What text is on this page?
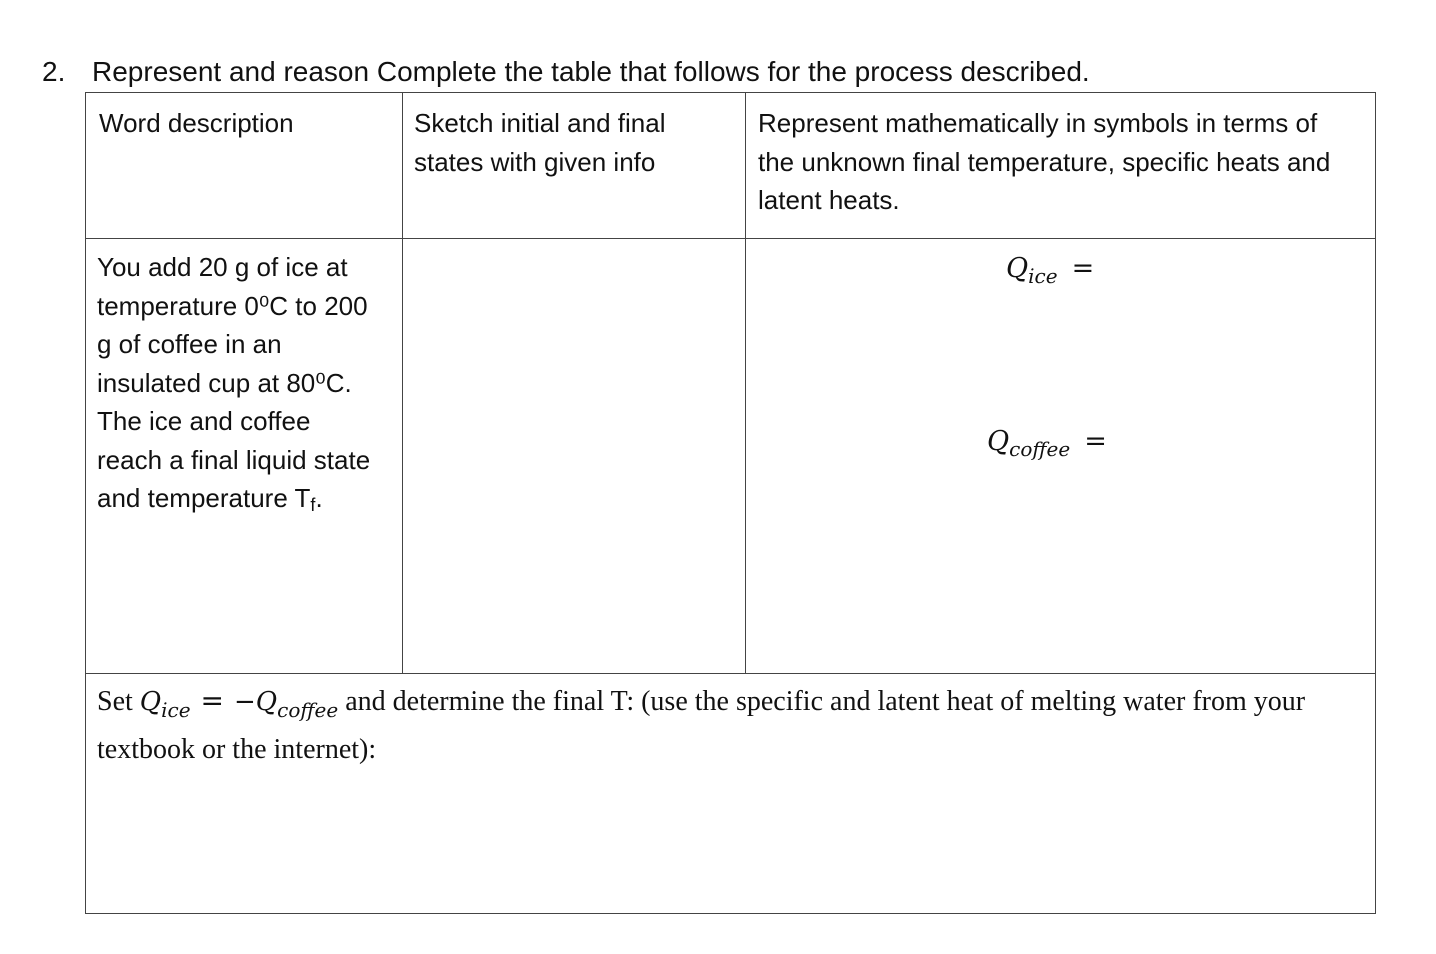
2. Represent and reason Complete the table that follows for the process described.
Word description	Sketch initial and final states with given info
Represent mathematically in symbols in terms of the unknown final temperature, specific heats and latent heats.
You add 20 g of ice at temperature 0⁰C to 200 g of coffee in an insulated cup at 80⁰C. The ice and coffee reach a final liquid state and temperature Tf.
$Q_{ice}$ =
$Q_{coffee}$ =
Set $Q_{ice} = -Q_{coffee}$ and determine the final T: (use the specific and latent heat of melting water from your textbook or the internet):
